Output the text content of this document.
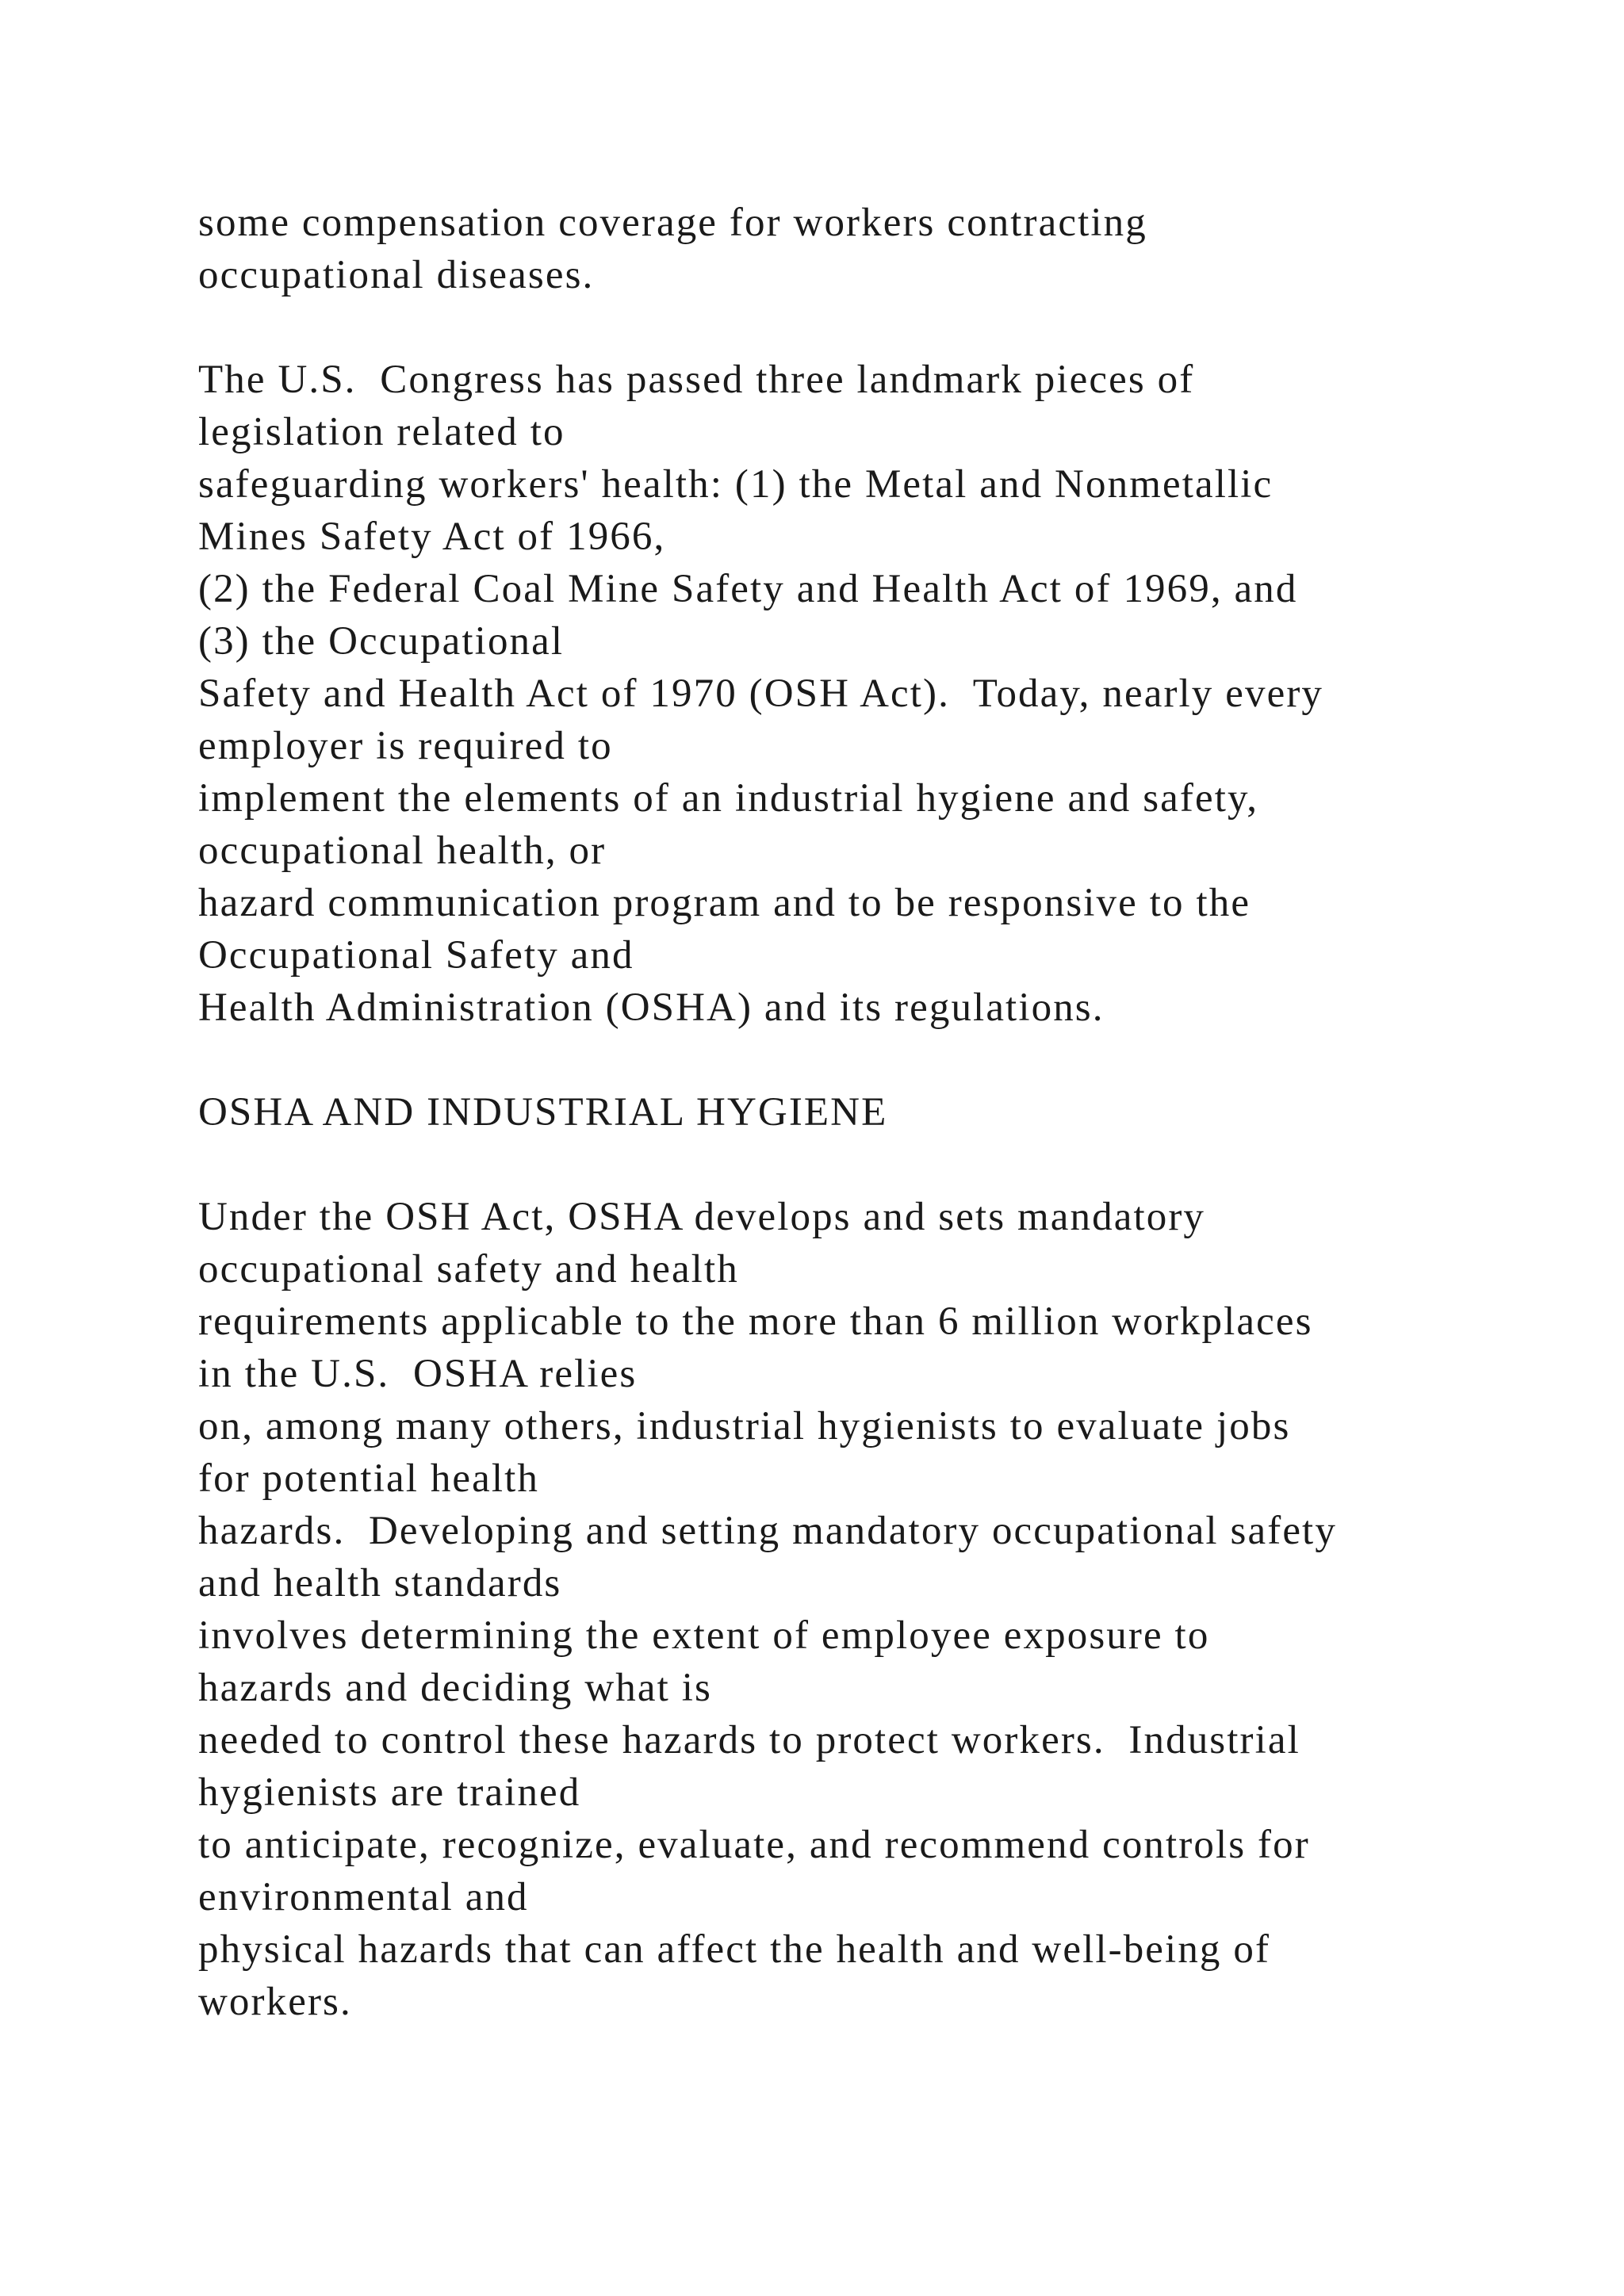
some compensation coverage for workers contracting
occupational diseases.
The U.S.  Congress has passed three landmark pieces of
legislation related to
safeguarding workers' health: (1) the Metal and Nonmetallic
Mines Safety Act of 1966,
(2) the Federal Coal Mine Safety and Health Act of 1969, and
(3) the Occupational
Safety and Health Act of 1970 (OSH Act).  Today, nearly every
employer is required to
implement the elements of an industrial hygiene and safety,
occupational health, or
hazard communication program and to be responsive to the
Occupational Safety and
Health Administration (OSHA) and its regulations.
OSHA AND INDUSTRIAL HYGIENE
Under the OSH Act, OSHA develops and sets mandatory
occupational safety and health
requirements applicable to the more than 6 million workplaces
in the U.S.  OSHA relies
on, among many others, industrial hygienists to evaluate jobs
for potential health
hazards.  Developing and setting mandatory occupational safety
and health standards
involves determining the extent of employee exposure to
hazards and deciding what is
needed to control these hazards to protect workers.  Industrial
hygienists are trained
to anticipate, recognize, evaluate, and recommend controls for
environmental and
physical hazards that can affect the health and well-being of
workers.
